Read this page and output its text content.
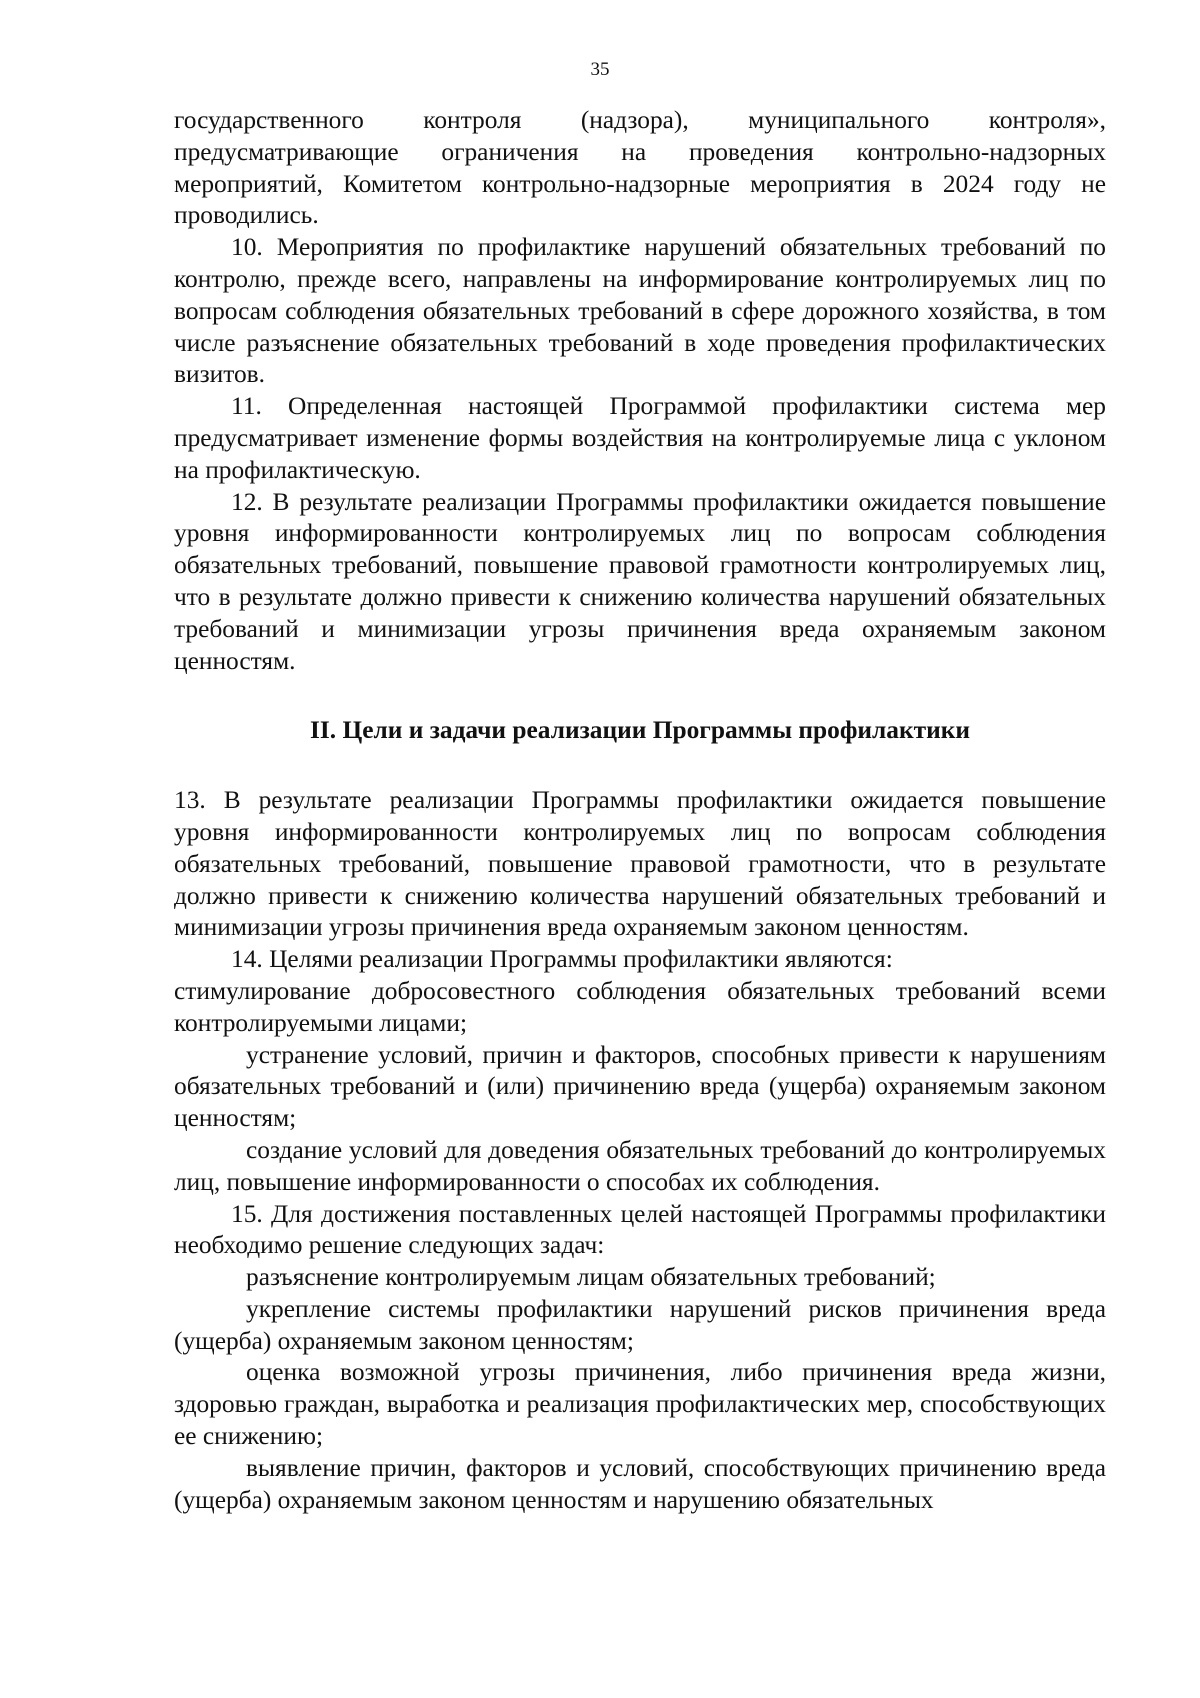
35

государственного контроля (надзора), муниципального контроля», предусматривающие ограничения на проведения контрольно-надзорных мероприятий, Комитетом контрольно-надзорные мероприятия в 2024 году не проводились.

10. Мероприятия по профилактике нарушений обязательных требований по контролю, прежде всего, направлены на информирование контролируемых лиц по вопросам соблюдения обязательных требований в сфере дорожного хозяйства, в том числе разъяснение обязательных требований в ходе проведения профилактических визитов.

11. Определенная настоящей Программой профилактики система мер предусматривает изменение формы воздействия на контролируемые лица с уклоном на профилактическую.

12. В результате реализации Программы профилактики ожидается повышение уровня информированности контролируемых лиц по вопросам соблюдения обязательных требований, повышение правовой грамотности контролируемых лиц, что в результате должно привести к снижению количества нарушений обязательных требований и минимизации угрозы причинения вреда охраняемым законом ценностям.

II. Цели и задачи реализации Программы профилактики

13. В результате реализации Программы профилактики ожидается повышение уровня информированности контролируемых лиц по вопросам соблюдения обязательных требований, повышение правовой грамотности, что в результате должно привести к снижению количества нарушений обязательных требований и минимизации угрозы причинения вреда охраняемым законом ценностям.

14. Целями реализации Программы профилактики являются:

стимулирование добросовестного соблюдения обязательных требований всеми контролируемыми лицами;

устранение условий, причин и факторов, способных привести к нарушениям обязательных требований и (или) причинению вреда (ущерба) охраняемым законом ценностям;

создание условий для доведения обязательных требований до контролируемых лиц, повышение информированности о способах их соблюдения.

15. Для достижения поставленных целей настоящей Программы профилактики необходимо решение следующих задач:

разъяснение контролируемым лицам обязательных требований;

укрепление системы профилактики нарушений рисков причинения вреда (ущерба) охраняемым законом ценностям;

оценка возможной угрозы причинения, либо причинения вреда жизни, здоровью граждан, выработка и реализация профилактических мер, способствующих ее снижению;

выявление причин, факторов и условий, способствующих причинению вреда (ущерба) охраняемым законом ценностям и нарушению обязательных
